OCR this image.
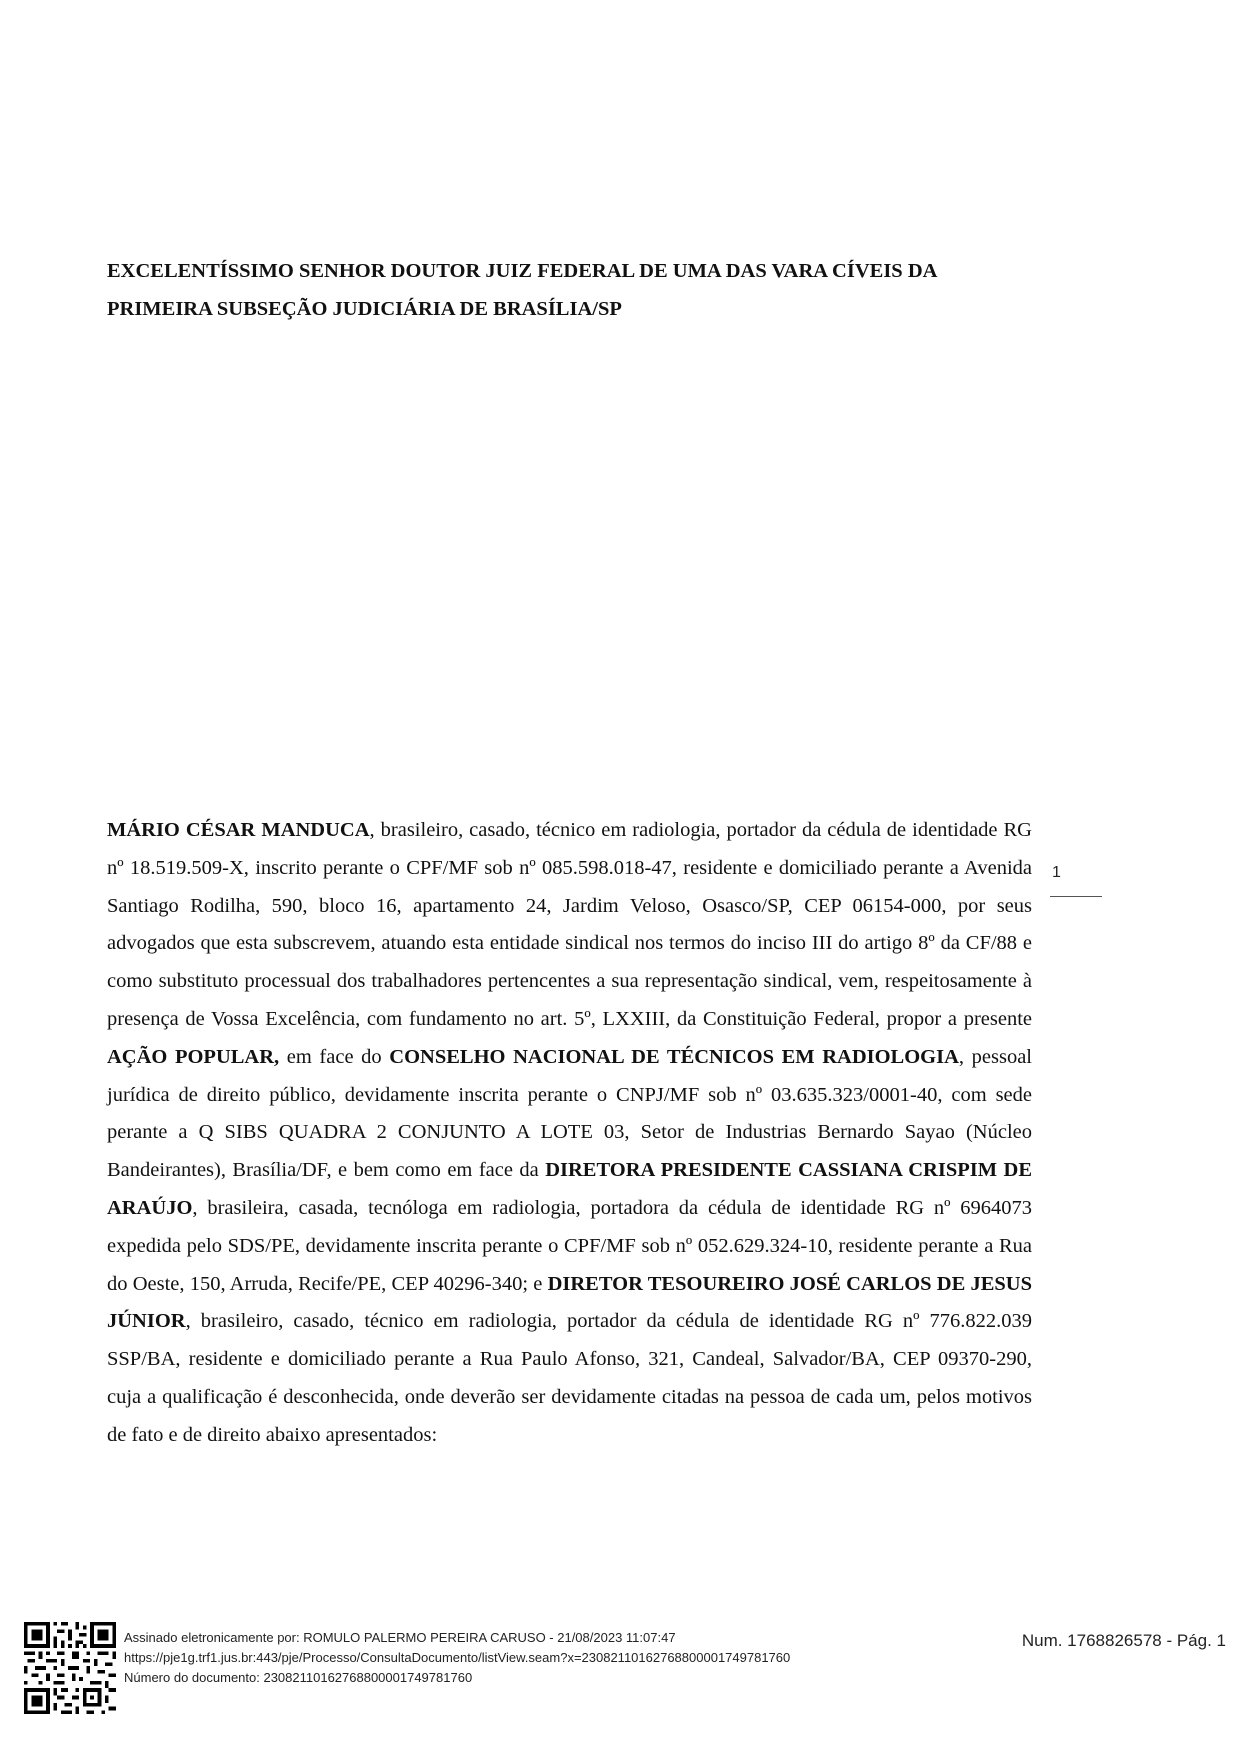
EXCELENTÍSSIMO SENHOR DOUTOR JUIZ FEDERAL DE UMA DAS VARA CÍVEIS DA
PRIMEIRA SUBSEÇÃO JUDICIÁRIA DE BRASÍLIA/SP

MÁRIO CÉSAR MANDUCA, brasileiro, casado, técnico em radiologia, portador da cédula de identidade RG nº 18.519.509-X, inscrito perante o CPF/MF sob nº 085.598.018-47, residente e domiciliado perante a Avenida Santiago Rodilha, 590, bloco 16, apartamento 24, Jardim Veloso, Osasco/SP, CEP 06154-000, por seus advogados que esta subscrevem, atuando esta entidade sindical nos termos do inciso III do artigo 8º da CF/88 e como substituto processual dos trabalhadores pertencentes a sua representação sindical, vem, respeitosamente à presença de Vossa Excelência, com fundamento no art. 5º, LXXIII, da Constituição Federal, propor a presente AÇÃO POPULAR, em face do CONSELHO NACIONAL DE TÉCNICOS EM RADIOLOGIA, pessoal jurídica de direito público, devidamente inscrita perante o CNPJ/MF sob nº 03.635.323/0001-40, com sede perante a Q SIBS QUADRA 2 CONJUNTO A LOTE 03, Setor de Industrias Bernardo Sayao (Núcleo Bandeirantes), Brasília/DF, e bem como em face da DIRETORA PRESIDENTE CASSIANA CRISPIM DE ARAÚJO, brasileira, casada, tecnóloga em radiologia, portadora da cédula de identidade RG nº 6964073 expedida pelo SDS/PE, devidamente inscrita perante o CPF/MF sob nº 052.629.324-10, residente perante a Rua do Oeste, 150, Arruda, Recife/PE, CEP 40296-340; e DIRETOR TESOUREIRO JOSÉ CARLOS DE JESUS JÚNIOR, brasileiro, casado, técnico em radiologia, portador da cédula de identidade RG nº 776.822.039 SSP/BA, residente e domiciliado perante a Rua Paulo Afonso, 321, Candeal, Salvador/BA, CEP 09370-290, cuja a qualificação é desconhecida, onde deverão ser devidamente citadas na pessoa de cada um, pelos motivos de fato e de direito abaixo apresentados:

1
Assinado eletronicamente por: ROMULO PALERMO PEREIRA CARUSO - 21/08/2023 11:07:47
https://pje1g.trf1.jus.br:443/pje/Processo/ConsultaDocumento/listView.seam?x=23082110162768800001749781760
Número do documento: 23082110162768800001749781760
Num. 1768826578 - Pág. 1
